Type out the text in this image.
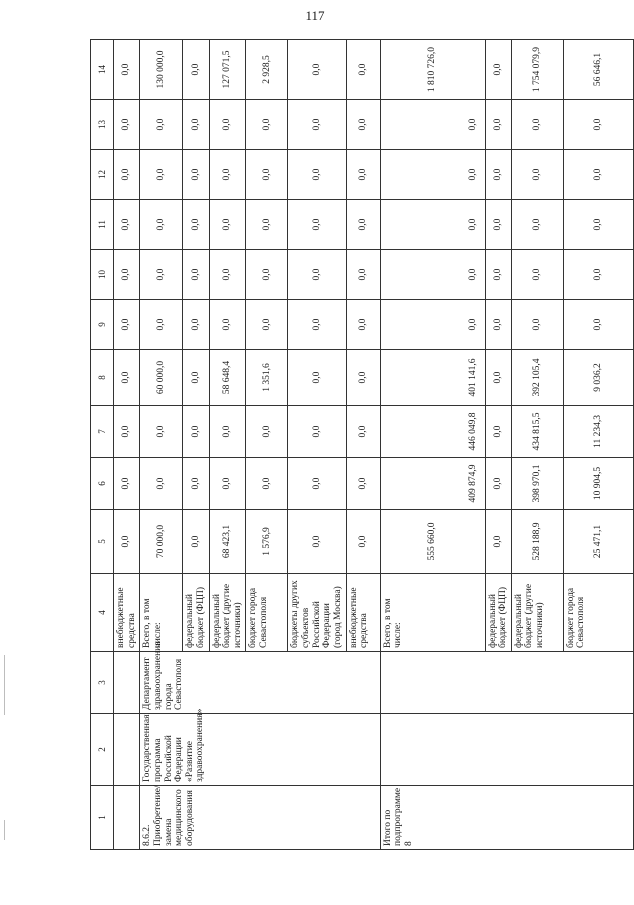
117
1	2	3	4	5	6	7	8	9	10	11	12	13	14
			внебюджетные средства	0,0	0,0	0,0	0,0	0,0	0,0	0,0	0,0	0,0	0,0
8.6.2. Приобретение/ замена медицинского оборудования	Государственная программа Российской Федерации «Развитие здравоохранения»	Департамент здравоохранения города Севастополя	Всего, в том числе:	70 000,0	0,0	0,0	60 000,0	0,0	0,0	0,0	0,0	0,0	130 000,0
			федеральный бюджет (ФЦП)	0,0	0,0	0,0	0,0	0,0	0,0	0,0	0,0	0,0	0,0
			федеральный бюджет (другие источники)	68 423,1	0,0	0,0	58 648,4	0,0	0,0	0,0	0,0	0,0	127 071,5
			бюджет города Севастополя	1 576,9	0,0	0,0	1 351,6	0,0	0,0	0,0	0,0	0,0	2 928,5
			бюджеты других субъектов Российской Федерации (город Москва)	0,0	0,0	0,0	0,0	0,0	0,0	0,0	0,0	0,0	0,0
			внебюджетные средства	0,0	0,0	0,0	0,0	0,0	0,0	0,0	0,0	0,0	0,0
Итого по подпрограмме 8			Всего, в том числе:	555 660,0	409 874,9	446 049,8	401 141,6	0,0	0,0	0,0	0,0	0,0	1 810 726,0
			федеральный бюджет (ФЦП)	0,0	0,0	0,0	0,0	0,0	0,0	0,0	0,0	0,0	0,0
			федеральный бюджет (другие источники)	528 188,9	398 970,1	434 815,5	392 105,4	0,0	0,0	0,0	0,0	0,0	1 754 079,9
			бюджет города Севастополя	25 471,1	10 904,5	11 234,3	9 036,2	0,0	0,0	0,0	0,0	0,0	56 646,1
